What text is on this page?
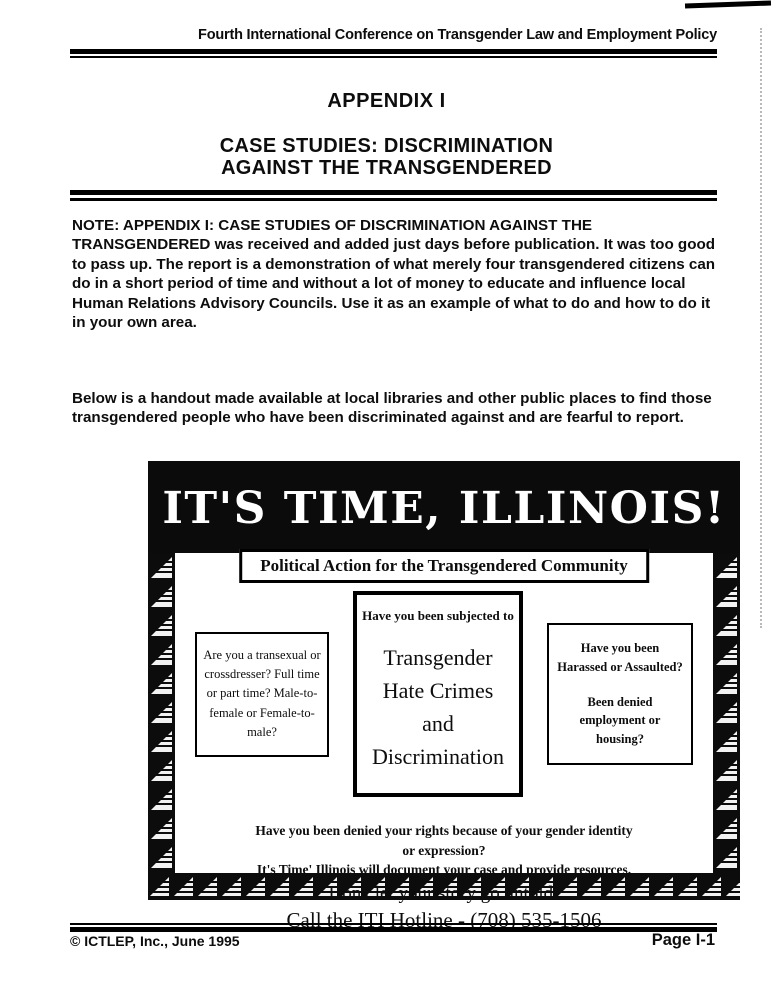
Fourth International Conference on Transgender Law and Employment Policy
APPENDIX I
CASE STUDIES: DISCRIMINATION
AGAINST THE TRANSGENDERED
NOTE: APPENDIX I: CASE STUDIES OF DISCRIMINATION AGAINST THE TRANSGENDERED was received and added just days before publication. It was too good to pass up. The report is a demonstration of what merely four transgendered citizens can do in a short period of time and without a lot of money to educate and influence local Human Relations Advisory Councils. Use it as an example of what to do and how to do it in your own area.
Below is a handout made available at local libraries and other public places to find those transgendered people who have been discriminated against and are fearful to report.
IT'S TIME, ILLINOIS!
Political Action for the Transgendered Community
Are you a transexual or crossdresser? Full time or part time? Male-to-female or Female-to-male?
Have you been subjected to
Transgender
Hate Crimes
and
Discrimination
Have you been Harassed or Assaulted?
Been denied employment or housing?
Have you been denied your rights because of your gender identity
or expression?
It's Time' Illinois will document your case and provide resources.
Don't let your story go untold!
Call the ITI Hotline - (708) 535-1506
© ICTLEP, Inc., June 1995	Page I-1
